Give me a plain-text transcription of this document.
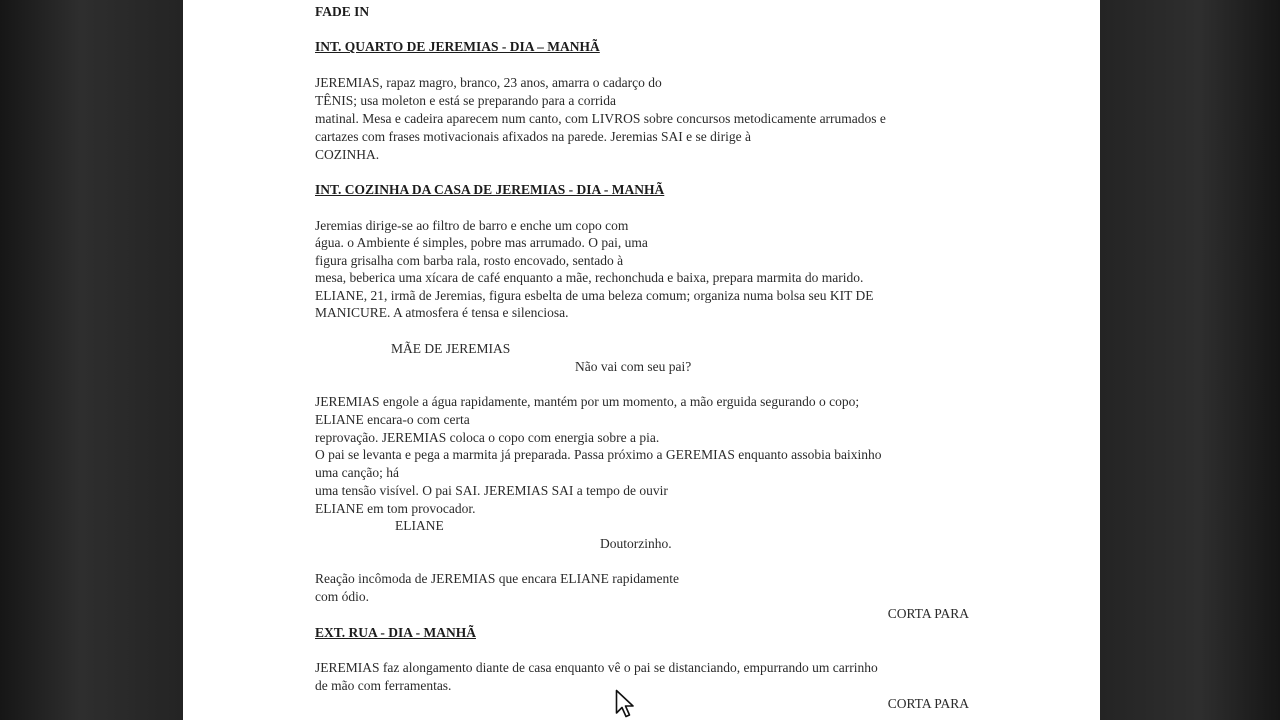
FADE IN

INT. QUARTO DE JEREMIAS - DIA – MANHÃ

JEREMIAS, rapaz magro, branco, 23 anos, amarra o cadarço do

TÊNIS; usa moleton e está se preparando para a corrida

matinal. Mesa e cadeira aparecem num canto, com LIVROS sobre concursos metodicamente arrumados e

cartazes com frases motivacionais afixados na parede. Jeremias SAI e se dirige à

COZINHA.

INT. COZINHA DA CASA DE JEREMIAS - DIA - MANHÃ

Jeremias dirige-se ao filtro de barro e enche um copo com

água. o Ambiente é simples, pobre mas arrumado. O pai, uma

figura grisalha com barba rala, rosto encovado, sentado à

mesa, beberica uma xícara de café enquanto a mãe, rechonchuda e baixa, prepara marmita do marido.

ELIANE, 21, irmã de Jeremias, figura esbelta de uma beleza comum; organiza numa bolsa seu KIT DE

MANICURE. A atmosfera é tensa e silenciosa.

MÃE DE JEREMIAS

Não vai com seu pai?

JEREMIAS engole a água rapidamente, mantém por um momento, a mão erguida segurando o copo;

ELIANE encara-o com certa

reprovação. JEREMIAS coloca o copo com energia sobre a pia.

O pai se levanta e pega a marmita já preparada. Passa próximo a GEREMIAS enquanto assobia baixinho

uma canção; há

uma tensão visível. O pai SAI. JEREMIAS SAI a tempo de ouvir

ELIANE em tom provocador.

ELIANE

Doutorzinho.

Reação incômoda de JEREMIAS que encara ELIANE rapidamente

com ódio.

CORTA PARA

EXT. RUA - DIA - MANHÃ

JEREMIAS faz alongamento diante de casa enquanto vê o pai se distanciando, empurrando um carrinho

de mão com ferramentas.

CORTA PARA
